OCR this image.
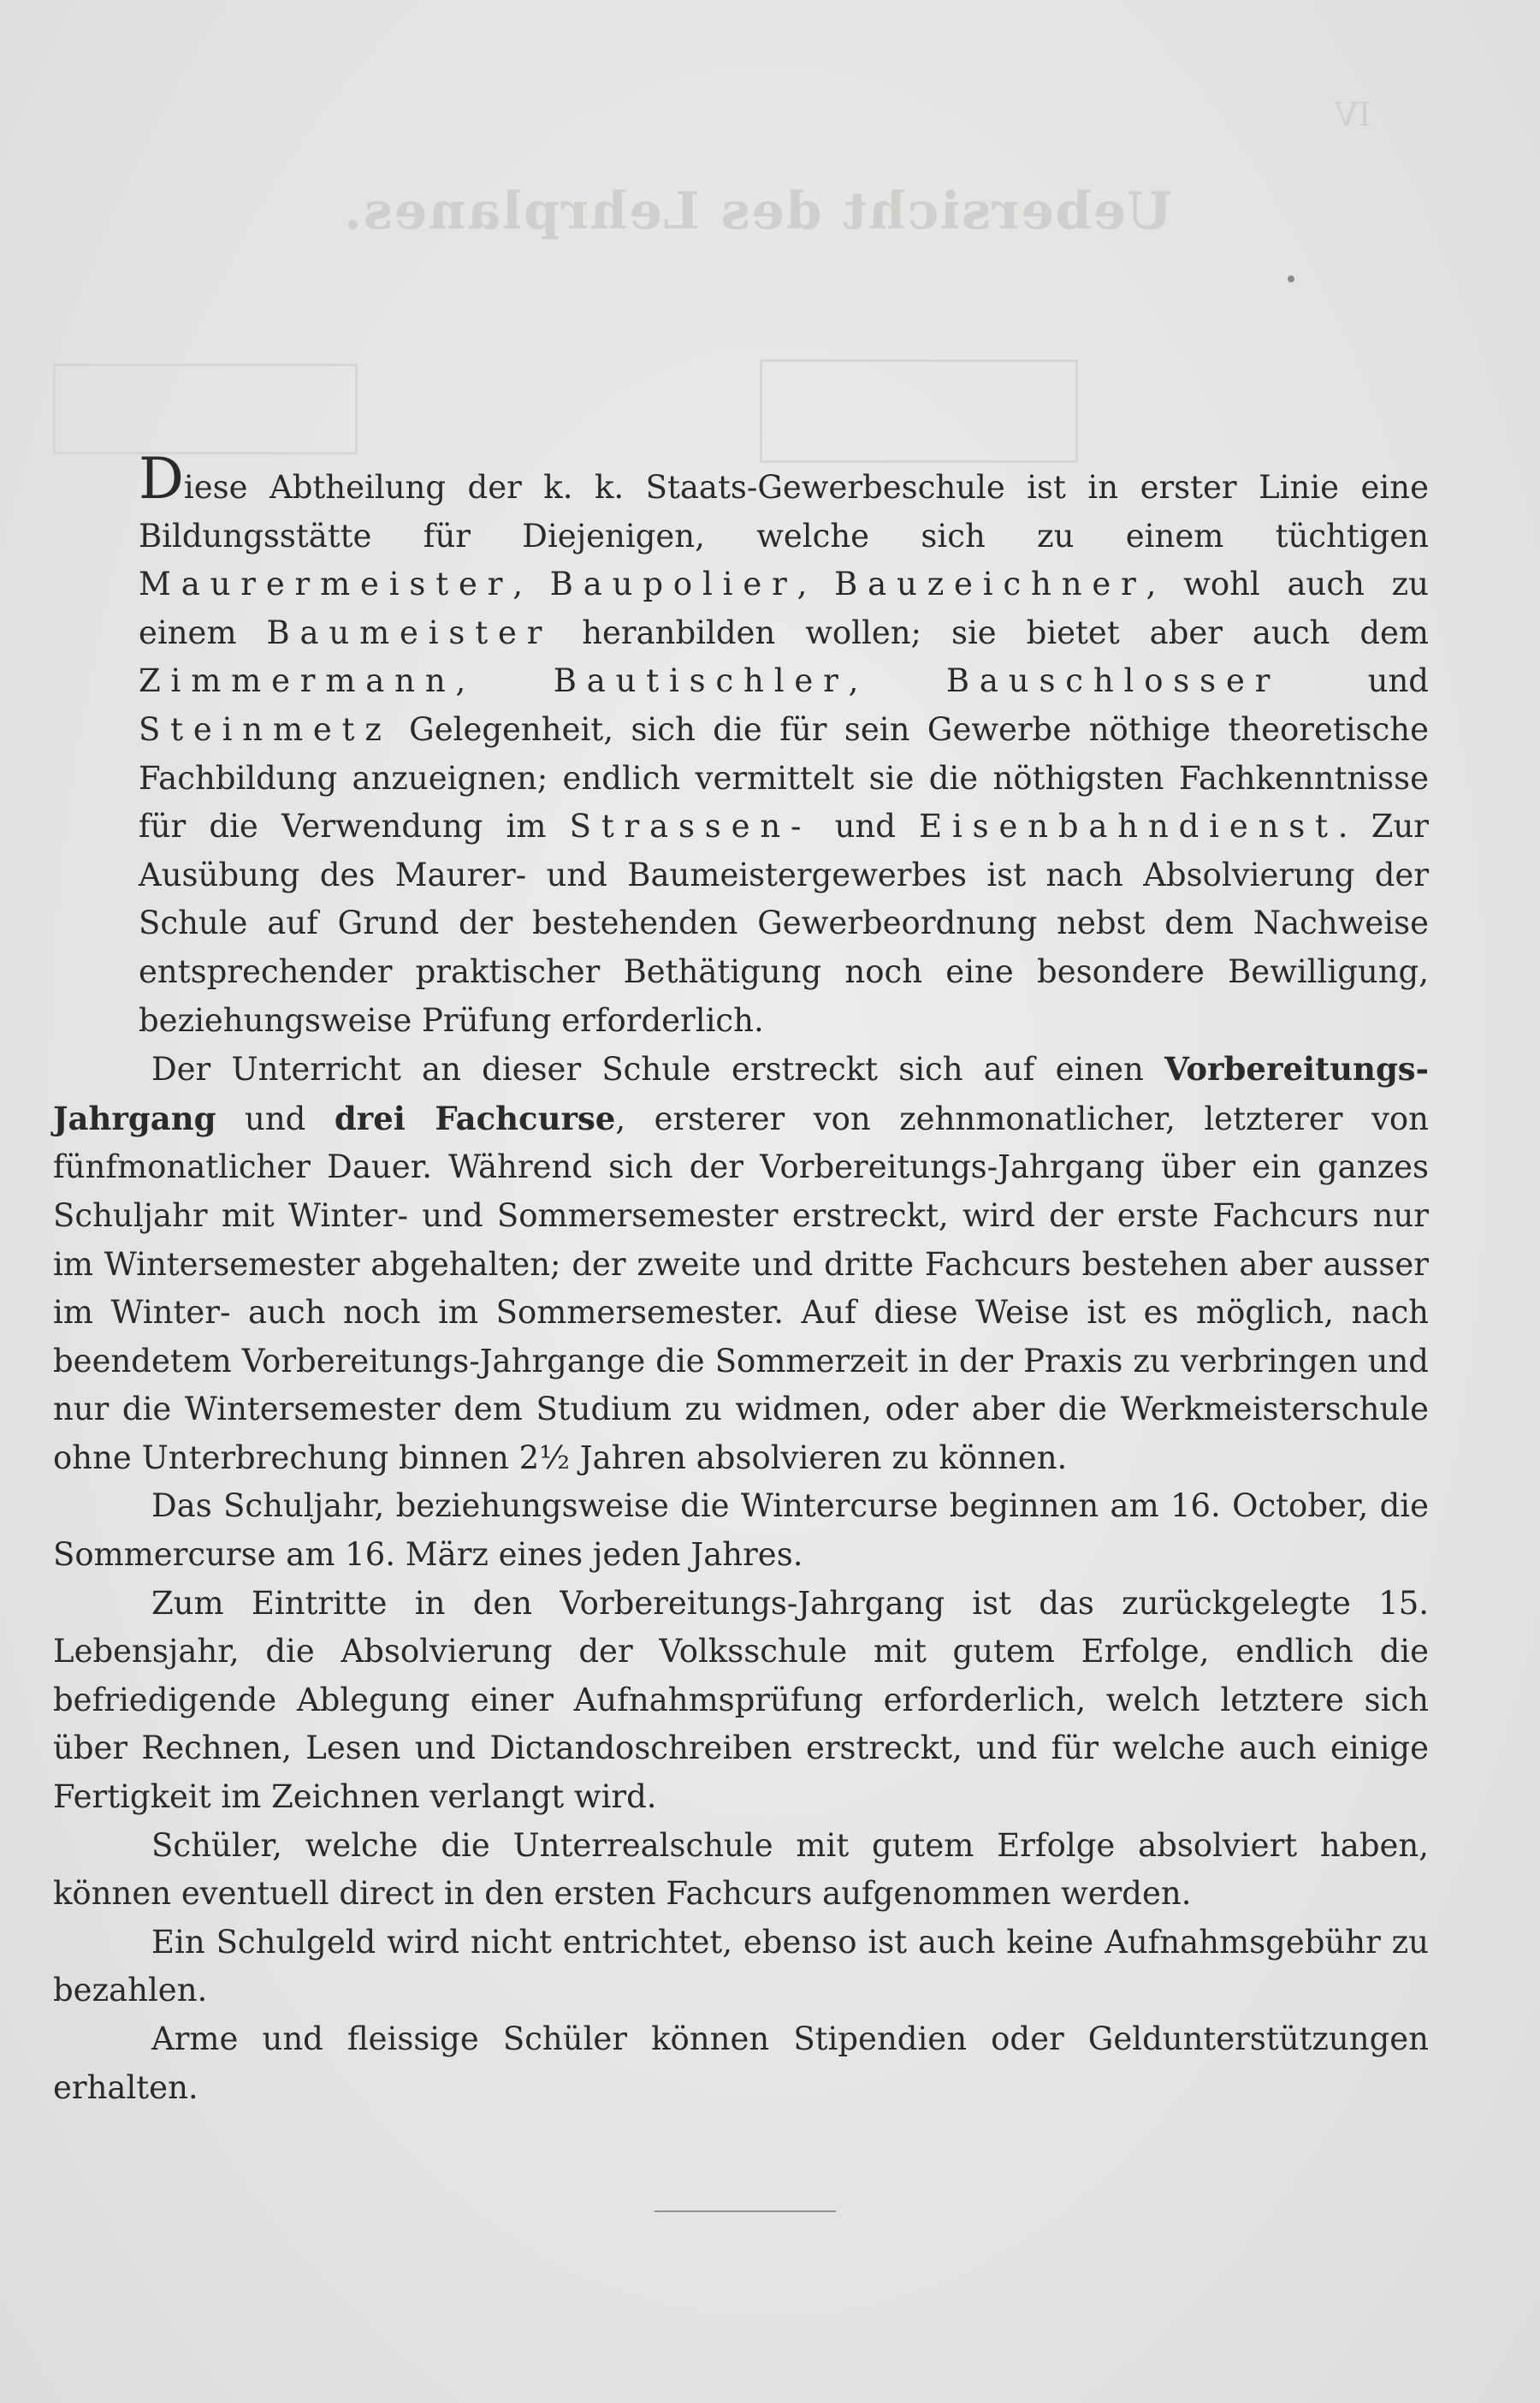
Uebersicht des Lehrplanes.
IV

Diese Abtheilung der k. k. Staats-Gewerbeschule ist in erster Linie eine Bildungsstätte für Diejenigen, welche sich zu einem tüchtigen Maurermeister, Baupolier, Bauzeichner, wohl auch zu einem Baumeister heranbilden wollen; sie bietet aber auch dem Zimmermann, Bautischler, Bauschlosser und Steinmetz Gelegenheit, sich die für sein Gewerbe nöthige theoretische Fachbildung anzueignen; endlich vermittelt sie die nöthigsten Fachkenntnisse für die Verwendung im Strassen- und Eisenbahndienst. Zur Ausübung des Maurer- und Baumeistergewerbes ist nach Absolvierung der Schule auf Grund der bestehenden Gewerbeordnung nebst dem Nachweise entsprechender praktischer Bethätigung noch eine besondere Bewilligung, beziehungsweise Prüfung erforderlich.

Der Unterricht an dieser Schule erstreckt sich auf einen Vorbereitungs-Jahrgang und drei Fachcurse, ersterer von zehnmonatlicher, letzterer von fünfmonatlicher Dauer. Während sich der Vorbereitungs-Jahrgang über ein ganzes Schuljahr mit Winter- und Sommersemester erstreckt, wird der erste Fachcurs nur im Wintersemester abgehalten; der zweite und dritte Fachcurs bestehen aber ausser im Winter- auch noch im Sommersemester. Auf diese Weise ist es möglich, nach beendetem Vorbereitungs-Jahrgange die Sommerzeit in der Praxis zu verbringen und nur die Wintersemester dem Studium zu widmen, oder aber die Werkmeisterschule ohne Unterbrechung binnen 2½ Jahren absolvieren zu können.

Das Schuljahr, beziehungsweise die Wintercurse beginnen am 16. October, die Sommercurse am 16. März eines jeden Jahres.

Zum Eintritte in den Vorbereitungs-Jahrgang ist das zurückgelegte 15. Lebensjahr, die Absolvierung der Volksschule mit gutem Erfolge, endlich die befriedigende Ablegung einer Aufnahmsprüfung erforderlich, welch letztere sich über Rechnen, Lesen und Dictandoschreiben erstreckt, und für welche auch einige Fertigkeit im Zeichnen verlangt wird.

Schüler, welche die Unterrealschule mit gutem Erfolge absolviert haben, können eventuell direct in den ersten Fachcurs aufgenommen werden.

Ein Schulgeld wird nicht entrichtet, ebenso ist auch keine Aufnahmsgebühr zu bezahlen.

Arme und fleissige Schüler können Stipendien oder Geldunterstützungen erhalten.
